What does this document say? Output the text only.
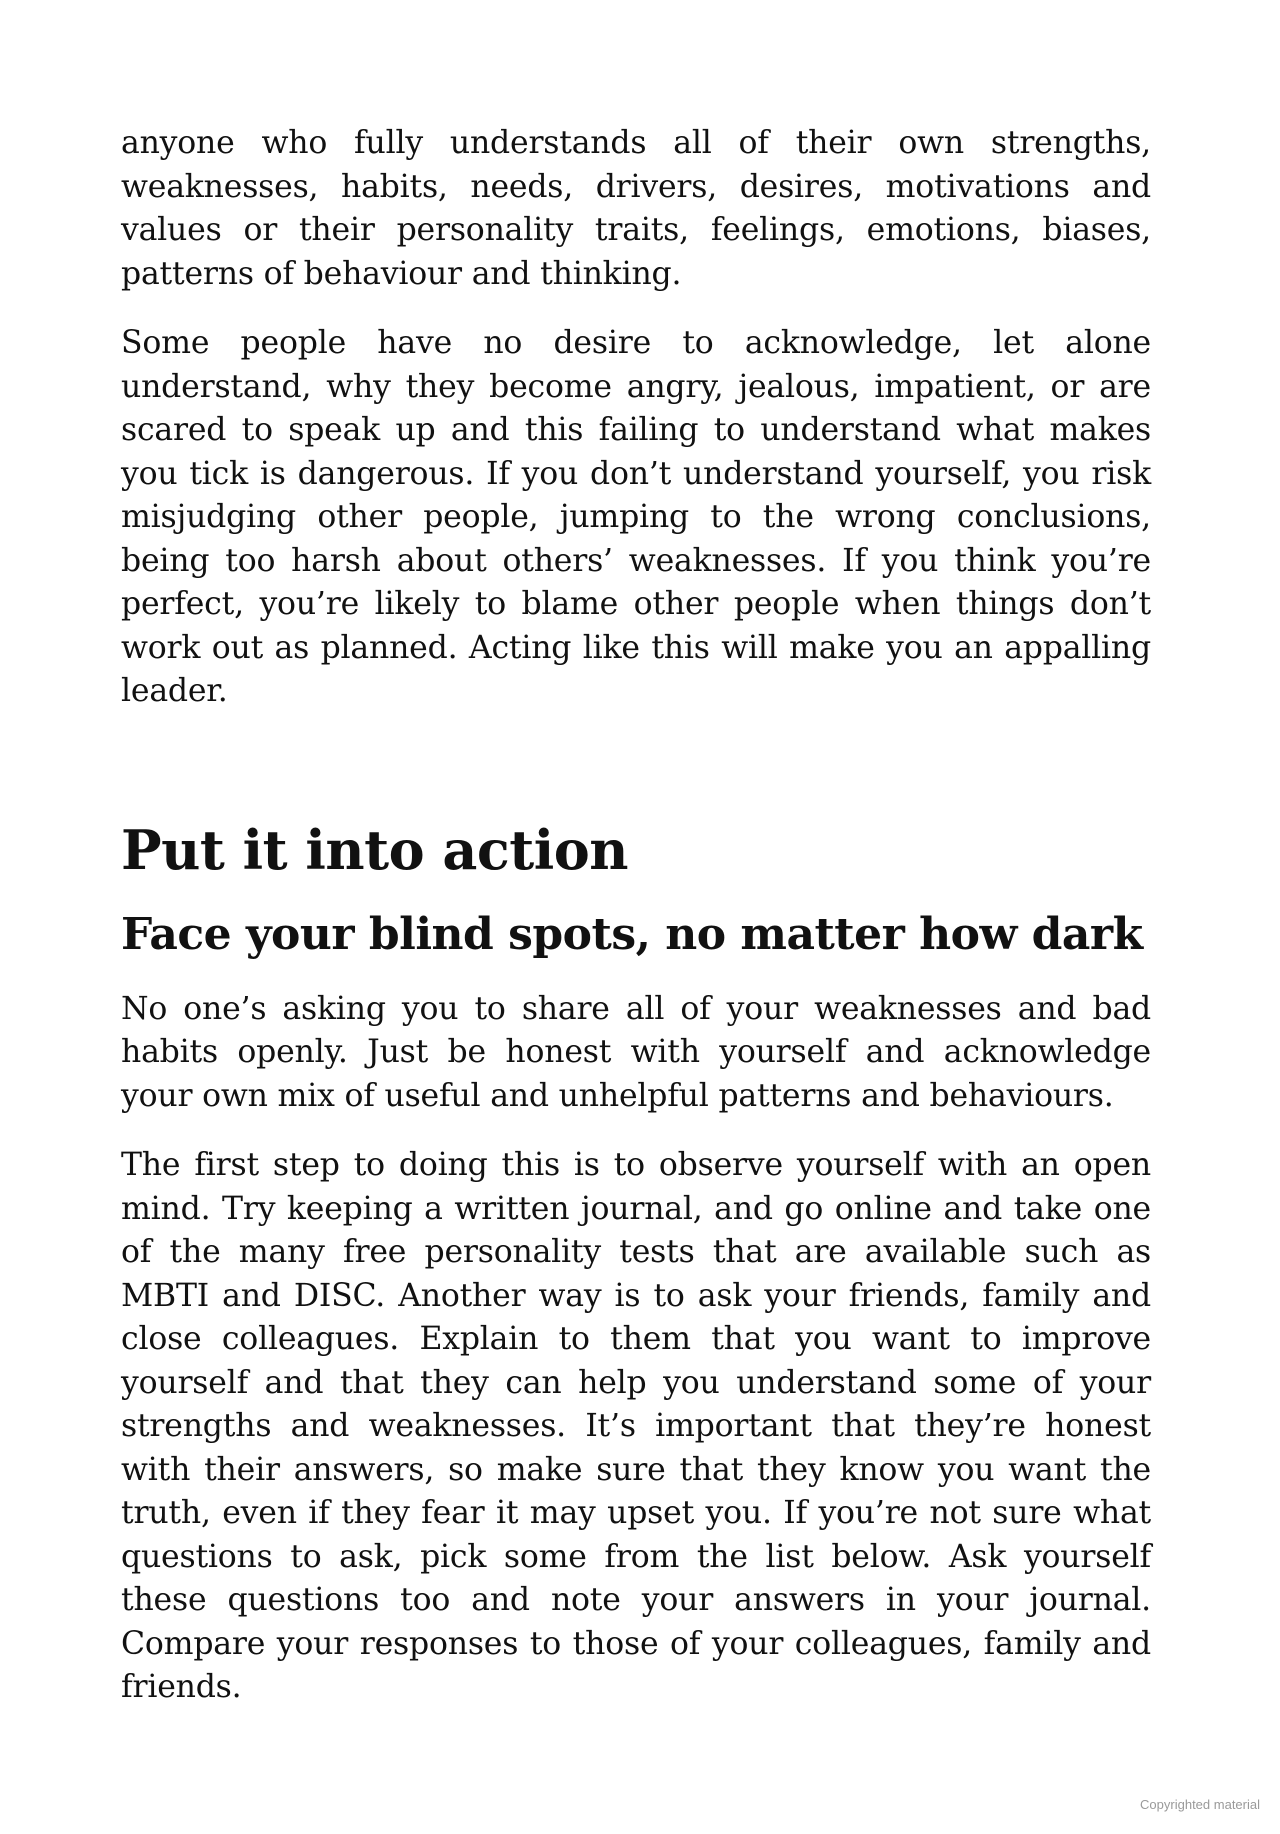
anyone who fully understands all of their own strengths, weaknesses, habits, needs, drivers, desires, motivations and values or their personality traits, feelings, emotions, biases, patterns of behaviour and thinking.

Some people have no desire to acknowledge, let alone understand, why they become angry, jealous, impatient, or are scared to speak up and this failing to understand what makes you tick is dangerous. If you don’t understand yourself, you risk misjudging other people, jumping to the wrong conclusions, being too harsh about others’ weaknesses. If you think you’re perfect, you’re likely to blame other people when things don’t work out as planned. Acting like this will make you an appalling leader.

Put it into action
Face your blind spots, no matter how dark

No one’s asking you to share all of your weaknesses and bad habits openly. Just be honest with yourself and acknowledge your own mix of useful and unhelpful patterns and behaviours.

The first step to doing this is to observe yourself with an open mind. Try keeping a written journal, and go online and take one of the many free personality tests that are available such as MBTI and DISC. Another way is to ask your friends, family and close colleagues. Explain to them that you want to improve yourself and that they can help you understand some of your strengths and weaknesses. It’s important that they’re honest with their answers, so make sure that they know you want the truth, even if they fear it may upset you. If you’re not sure what questions to ask, pick some from the list below. Ask yourself these questions too and note your answers in your journal. Compare your responses to those of your colleagues, family and friends.

Copyrighted material
